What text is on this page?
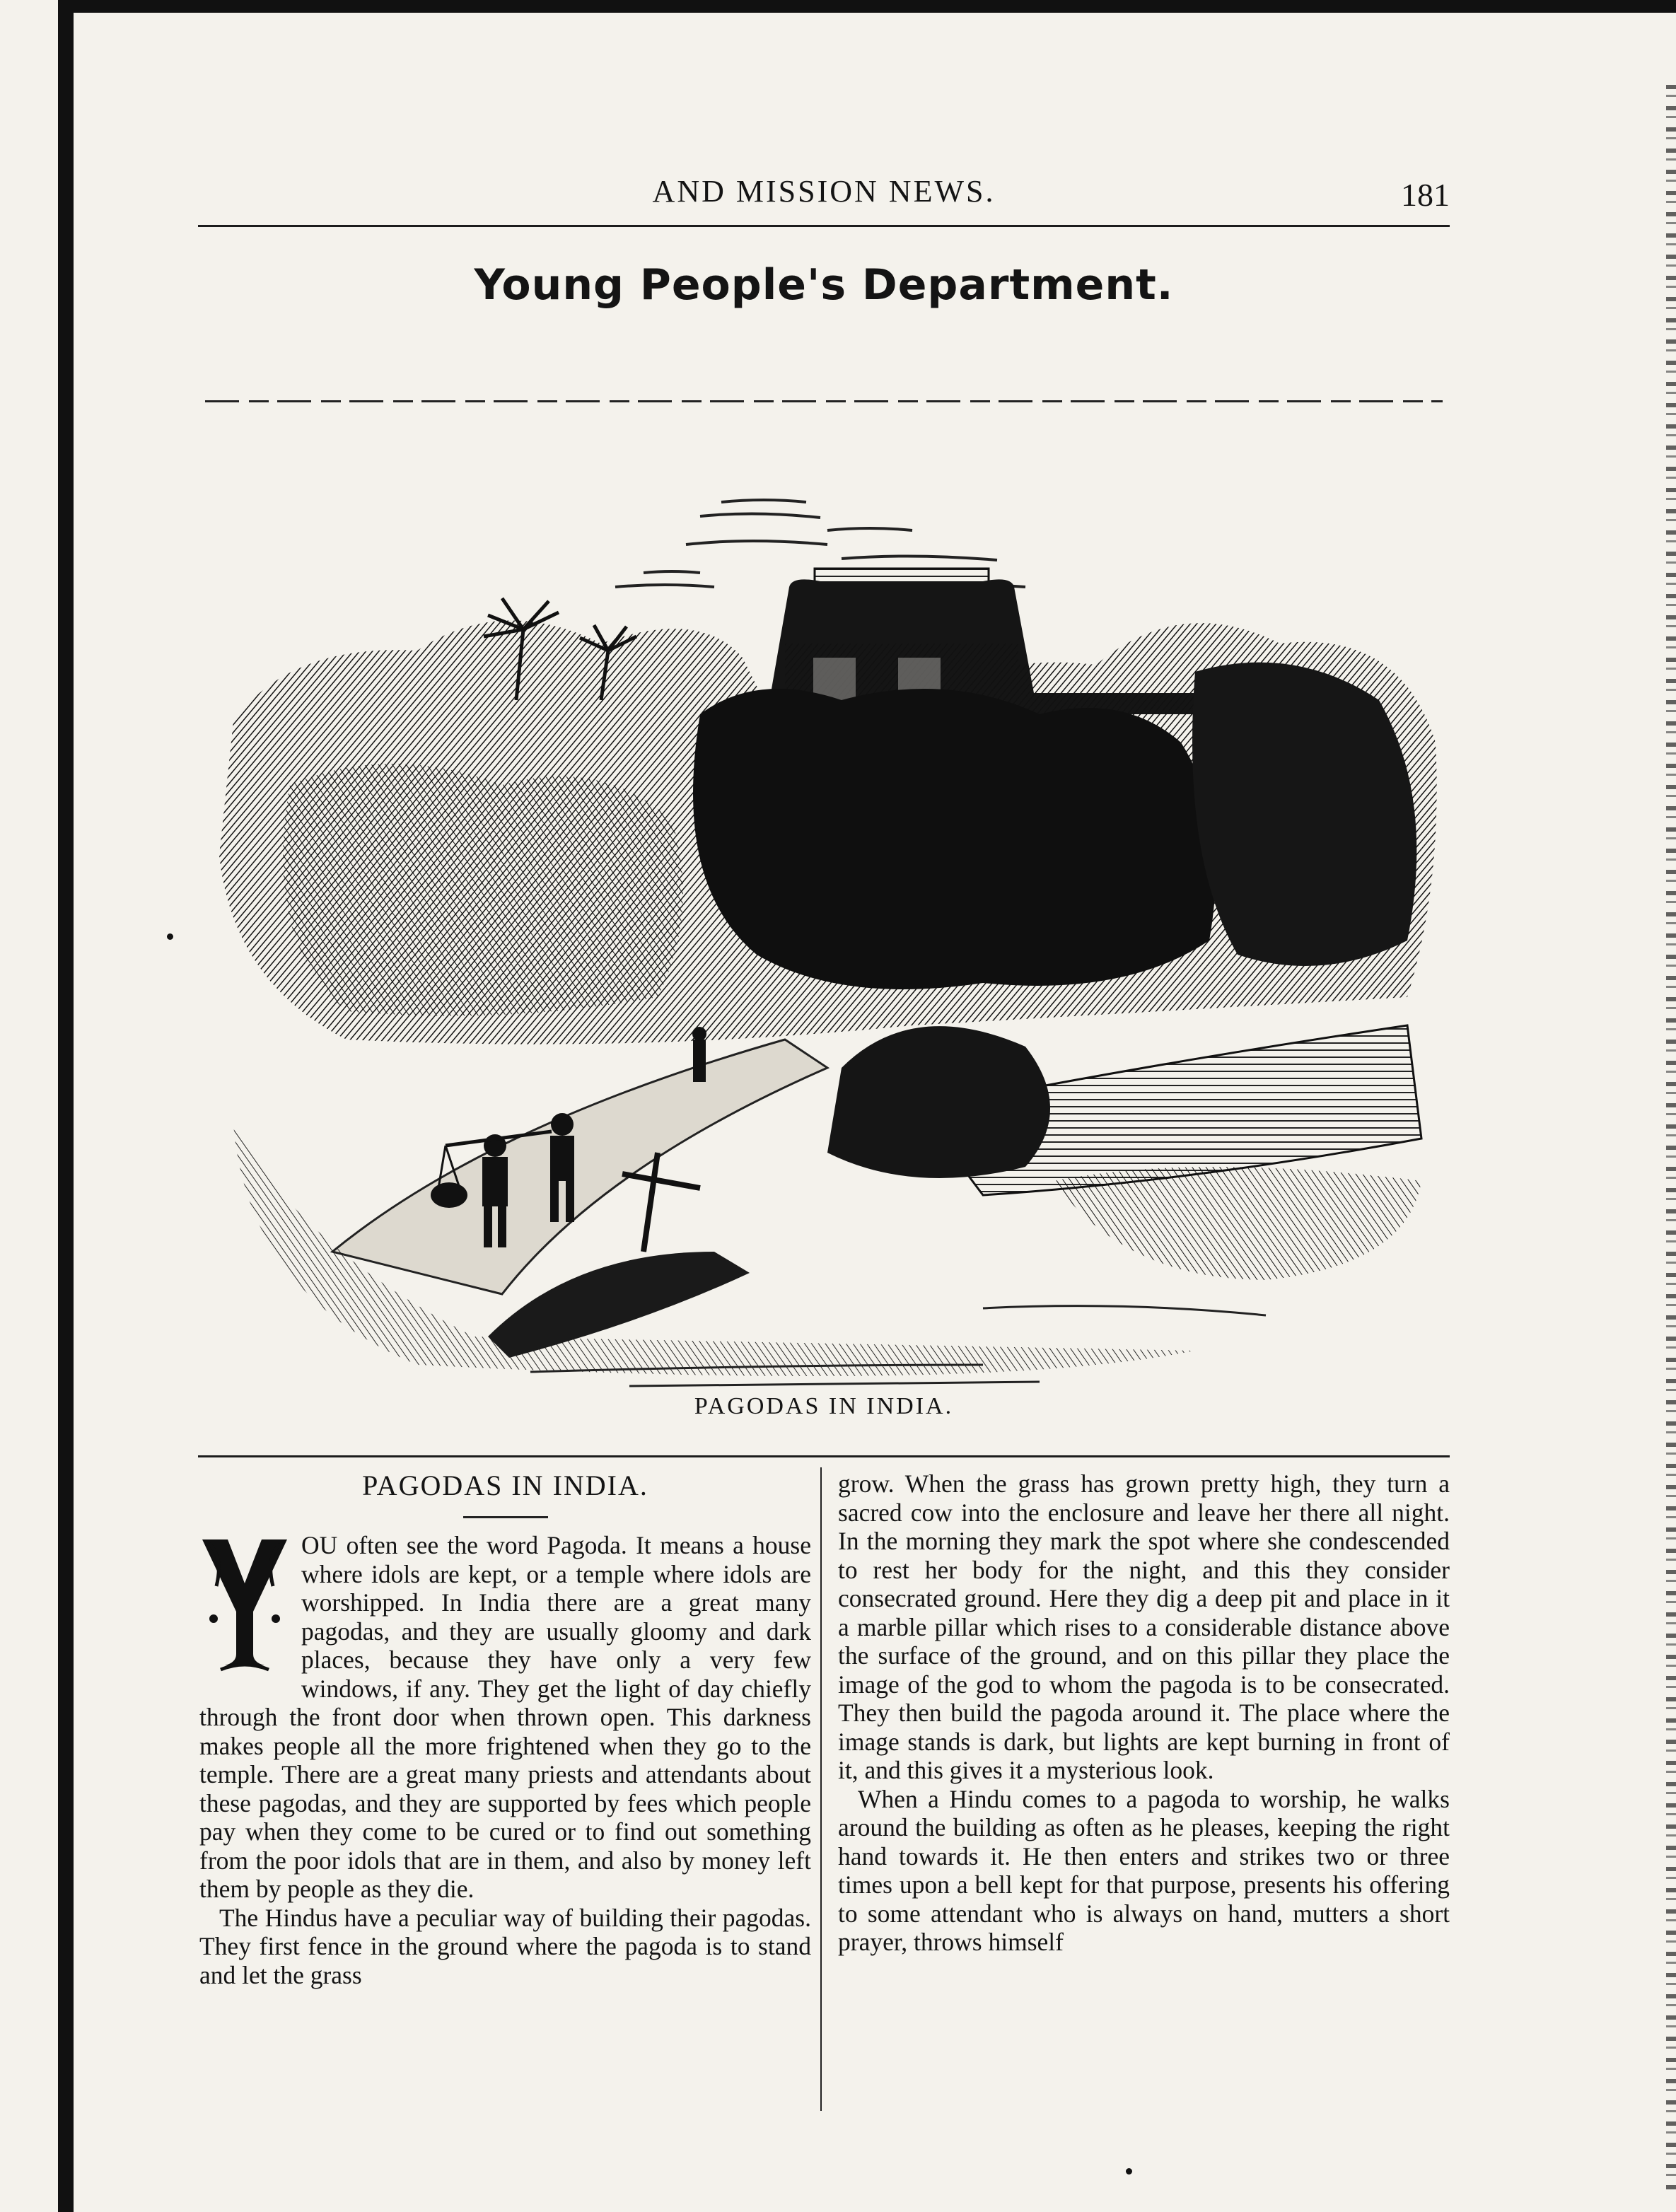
AND MISSION NEWS.	181
Young People's Department.
PAGODAS IN INDIA.
PAGODAS IN INDIA.

OU often see the word Pagoda. It means a house where idols are kept, or a temple where idols are worshipped. In India there are a great many pagodas, and they are usually gloomy and dark places, because they have only a very few windows, if any. They get the light of day chiefly through the front door when thrown open. This darkness makes people all the more frightened when they go to the temple. There are a great many priests and attendants about these pagodas, and they are supported by fees which people pay when they come to be cured or to find out something from the poor idols that are in them, and also by money left them by people as they die.

The Hindus have a peculiar way of building their pagodas. They first fence in the ground where the pagoda is to stand and let the grass

grow. When the grass has grown pretty high, they turn a sacred cow into the enclosure and leave her there all night. In the morning they mark the spot where she condescended to rest her body for the night, and this they consider consecrated ground. Here they dig a deep pit and place in it a marble pillar which rises to a considerable distance above the surface of the ground, and on this pillar they place the image of the god to whom the pagoda is to be consecrated. They then build the pagoda around it. The place where the image stands is dark, but lights are kept burning in front of it, and this gives it a mysterious look.

When a Hindu comes to a pagoda to worship, he walks around the building as often as he pleases, keeping the right hand towards it. He then enters and strikes two or three times upon a bell kept for that purpose, presents his offering to some attendant who is always on hand, mutters a short prayer, throws himself
